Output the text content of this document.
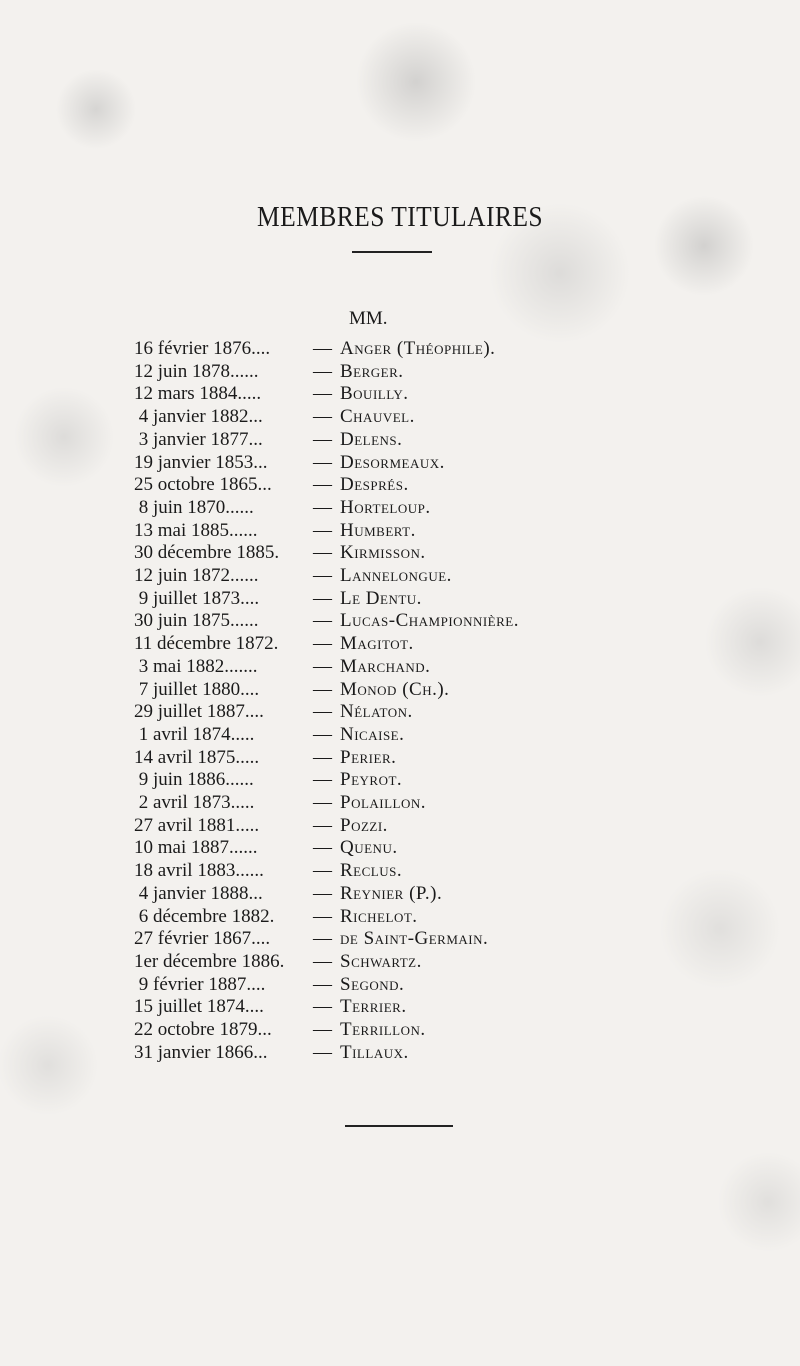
MEMBRES TITULAIRES
MM.
16 février 1876....	— Anger (Théophile).
12 juin 1878......	— Berger.
12 mars 1884.....	— Bouilly.
4 janvier 1882...	— Chauvel.
3 janvier 1877...	— Delens.
19 janvier 1853...	— Desormeaux.
25 octobre 1865...	— Després.
8 juin 1870......	— Horteloup.
13 mai 1885......	— Humbert.
30 décembre 1885.	— Kirmisson.
12 juin 1872......	— Lannelongue.
9 juillet 1873....	— Le Dentu.
30 juin 1875......	— Lucas-Championnière.
11 décembre 1872.	— Magitot.
3 mai 1882.......	— Marchand.
7 juillet 1880....	— Monod (Ch.).
29 juillet 1887....	— Nélaton.
1 avril 1874.....	— Nicaise.
14 avril 1875.....	— Perier.
9 juin 1886......	— Peyrot.
2 avril 1873.....	— Polaillon.
27 avril 1881.....	— Pozzi.
10 mai 1887......	— Quenu.
18 avril 1883......	— Reclus.
4 janvier 1888...	— Reynier (P.).
6 décembre 1882.	— Richelot.
27 février 1867....	— de Saint-Germain.
1er décembre 1886.	— Schwartz.
9 février 1887....	— Segond.
15 juillet 1874....	— Terrier.
22 octobre 1879...	— Terrillon.
31 janvier 1866...	— Tillaux.
